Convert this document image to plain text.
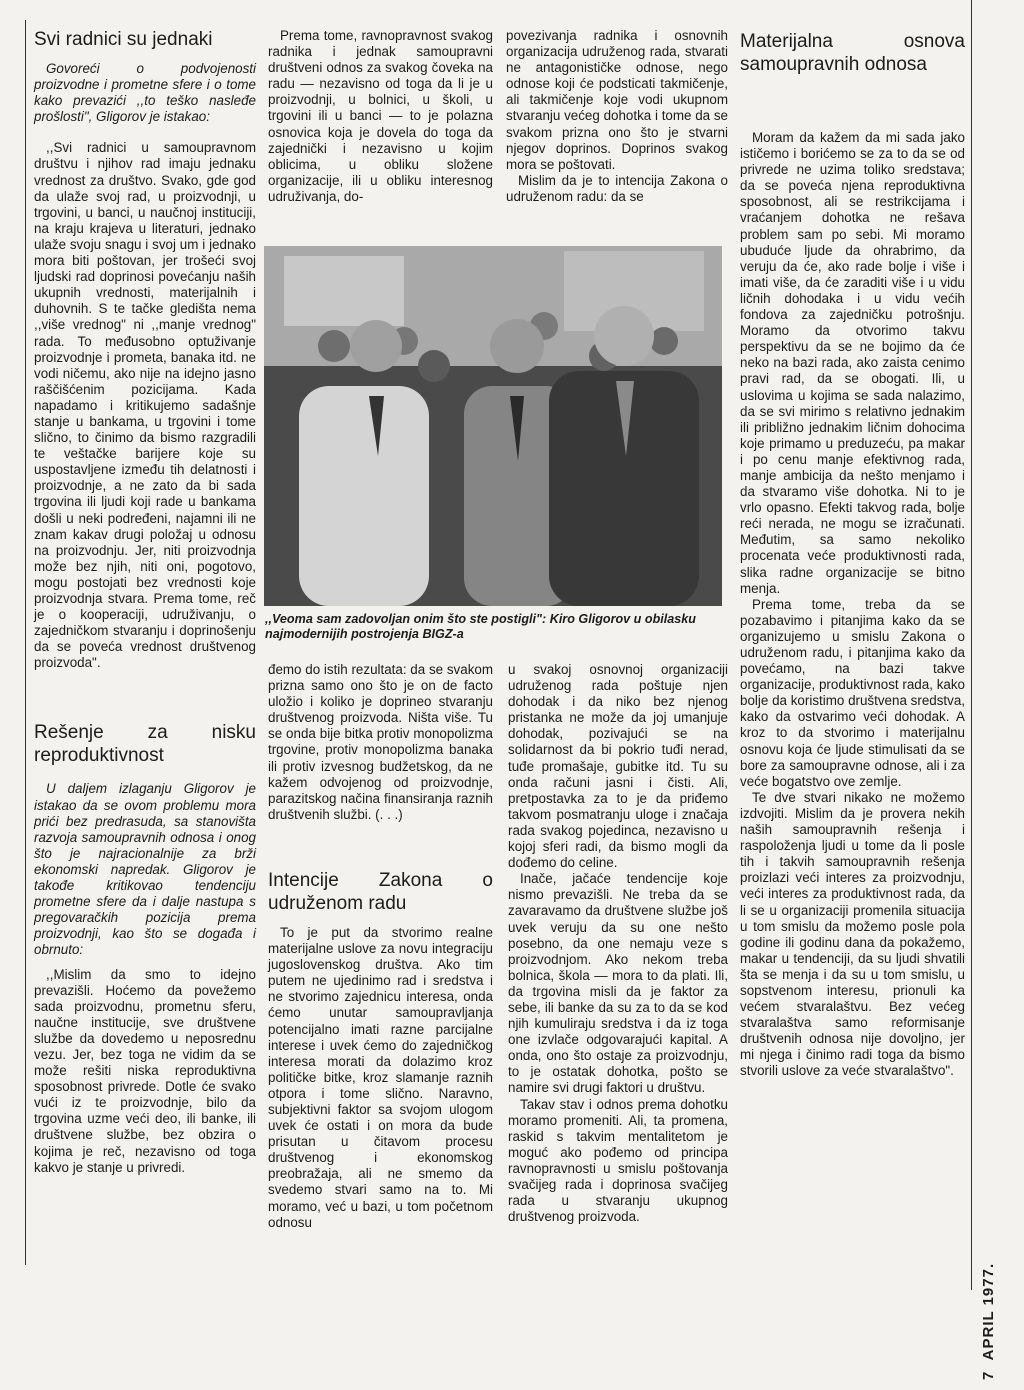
Svi radnici su jednaki

Govoreći o podvojenosti proizvodne i prometne sfere i o tome kako prevazići ,,to teško nasleđe prošlosti", Gligorov je istakao:

,,Svi radnici u samoupravnom društvu i njihov rad imaju jednaku vrednost za društvo. Svako, gde god da ulaže svoj rad, u proizvodnji, u trgovini, u banci, u naučnoj instituciji, na kraju krajeva u literaturi, jednako ulaže svoju snagu i svoj um i jednako mora biti poštovan, jer trošeći svoj ljudski rad doprinosi povećanju naših ukupnih vrednosti, materijalnih i duhovnih. S te tačke gledišta nema ,,više vrednog" ni ,,manje vrednog" rada. To međusobno optuživanje proizvodnje i prometa, banaka itd. ne vodi ničemu, ako nije na idejno jasno raščišćenim pozicijama. Kada napadamo i kritikujemo sadašnje stanje u bankama, u trgovini i tome slično, to činimo da bismo razgradili te veštačke barijere koje su uspostavljene između tih delatnosti i proizvodnje, a ne zato da bi sada trgovina ili ljudi koji rade u bankama došli u neki podređeni, najamni ili ne znam kakav drugi položaj u odnosu na proizvodnju. Jer, niti proizvodnja može bez njih, niti oni, pogotovo, mogu postojati bez vrednosti koje proizvodnja stvara. Prema tome, reč je o kooperaciji, udruživanju, o zajedničkom stvaranju i doprinošenju da se poveća vrednost društvenog proizvoda".

Rešenje za nisku reproduktivnost

U daljem izlaganju Gligorov je istakao da se ovom problemu mora prići bez predrasuda, sa stanovišta razvoja samoupravnih odnosa i onog što je najracionalnije za brži ekonomski napredak. Gligorov je takođe kritikovao tendenciju prometne sfere da i dalje nastupa s pregovaračkih pozicija prema proizvodnji, kao što se događa i obrnuto:

,,Mislim da smo to idejno prevazišli. Hoćemo da povežemo sada proizvodnu, prometnu sferu, naučne institucije, sve društvene službe da dovedemo u neposrednu vezu. Jer, bez toga ne vidim da se može rešiti niska reproduktivna sposobnost privrede. Dotle će svako vući iz te proizvodnje, bilo da trgovina uzme veći deo, ili banke, ili društvene službe, bez obzira o kojima je reč, nezavisno od toga kakvo je stanje u privredi.

Prema tome, ravnopravnost svakog radnika i jednak samoupravni društveni odnos za svakog čoveka na radu — nezavisno od toga da li je u proizvodnji, u bolnici, u školi, u trgovini ili u banci — to je polazna osnovica koja je dovela do toga da zajednički i nezavisno u kojim oblicima, u obliku složene organizacije, ili u obliku interesnog udruživanja, do-

povezivanja radnika i osnovnih organizacija udruženog rada, stvarati ne antagonističke odnose, nego odnose koji će podsticati takmičenje, ali takmičenje koje vodi ukupnom stvaranju većeg dohotka i tome da se svakom prizna ono što je stvarni njegov doprinos. Doprinos svakog mora se poštovati.

Mislim da je to intencija Zakona o udruženom radu: da se

,,Veoma sam zadovoljan onim što ste postigli": Kiro Gligorov u obilasku najmodernijih postrojenja BIGZ-a

đemo do istih rezultata: da se svakom prizna samo ono što je on de facto uložio i koliko je doprineo stvaranju društvenog proizvoda. Ništa više. Tu se onda bije bitka protiv monopolizma trgovine, protiv monopolizma banaka ili protiv izvesnog budžetskog, da ne kažem odvojenog od proizvodnje, parazitskog načina finansiranja raznih društvenih službi. (. . .)

Intencije Zakona o udruženom radu

To je put da stvorimo realne materijalne uslove za novu integraciju jugoslovenskog društva. Ako tim putem ne ujedinimo rad i sredstva i ne stvorimo zajednicu interesa, onda ćemo unutar samoupravljanja potencijalno imati razne parcijalne interese i uvek ćemo do zajedničkog interesa morati da dolazimo kroz političke bitke, kroz slamanje raznih otpora i tome slično. Naravno, subjektivni faktor sa svojom ulogom uvek će ostati i on mora da bude prisutan u čitavom procesu društvenog i ekonomskog preobražaja, ali ne smemo da svedemo stvari samo na to. Mi moramo, već u bazi, u tom početnom odnosu

u svakoj osnovnoj organizaciji udruženog rada poštuje njen dohodak i da niko bez njenog pristanka ne može da joj umanjuje dohodak, pozivajući se na solidarnost da bi pokrio tuđi nerad, tuđe promašaje, gubitke itd. Tu su onda računi jasni i čisti. Ali, pretpostavka za to je da priđemo takvom posmatranju uloge i značaja rada svakog pojedinca, nezavisno u kojoj sferi radi, da bismo mogli da dođemo do celine.

Inače, jačaće tendencije koje nismo prevazišli. Ne treba da se zavaravamo da društvene službe još uvek veruju da su one nešto posebno, da one nemaju veze s proizvodnjom. Ako nekom treba bolnica, škola — mora to da plati. Ili, da trgovina misli da je faktor za sebe, ili banke da su za to da se kod njih kumuliraju sredstva i da iz toga one izvlače odgovarajući kapital. A onda, ono što ostaje za proizvodnju, to je ostatak dohotka, pošto se namire svi drugi faktori u društvu.

Takav stav i odnos prema dohotku moramo promeniti. Ali, ta promena, raskid s takvim mentalitetom je moguć ako pođemo od principa ravnopravnosti u smislu poštovanja svačijeg rada i doprinosa svačijeg rada u stvaranju ukupnog društvenog proizvoda.

Materijalna osnova samoupravnih odnosa

Moram da kažem da mi sada jako ističemo i borićemo se za to da se od privrede ne uzima toliko sredstava; da se poveća njena reproduktivna sposobnost, ali se restrikcijama i vraćanjem dohotka ne rešava problem sam po sebi. Mi moramo ubuduće ljude da ohrabrimo, da veruju da će, ako rade bolje i više i imati više, da će zaraditi više i u vidu ličnih dohodaka i u vidu većih fondova za zajedničku potrošnju. Moramo da otvorimo takvu perspektivu da se ne bojimo da će neko na bazi rada, ako zaista cenimo pravi rad, da se obogati. Ili, u uslovima u kojima se sada nalazimo, da se svi mirimo s relativno jednakim ili približno jednakim ličnim dohocima koje primamo u preduzeću, pa makar i po cenu manje efektivnog rada, manje ambicija da nešto menjamo i da stvaramo više dohotka. Ni to je vrlo opasno. Efekti takvog rada, bolje reći nerada, ne mogu se izračunati. Međutim, sa samo nekoliko procenata veće produktivnosti rada, slika radne organizacije se bitno menja.

Prema tome, treba da se pozabavimo i pitanjima kako da se organizujemo u smislu Zakona o udruženom radu, i pitanjima kako da povećamo, na bazi takve organizacije, produktivnost rada, kako bolje da koristimo društvena sredstva, kako da ostvarimo veći dohodak. A kroz to da stvorimo i materijalnu osnovu koja će ljude stimulisati da se bore za samoupravne odnose, ali i za veće bogatstvo ove zemlje.

Te dve stvari nikako ne možemo izdvojiti. Mislim da je provera nekih naših samoupravnih rešenja i raspoloženja ljudi u tome da li posle tih i takvih samoupravnih rešenja proizlazi veći interes za proizvodnju, veći interes za produktivnost rada, da li se u organizaciji promenila situacija u tom smislu da možemo posle pola godine ili godinu dana da pokažemo, makar u tendenciji, da su ljudi shvatili šta se menja i da su u tom smislu, u sopstvenom interesu, prionuli ka većem stvaralaštvu. Bez većeg stvaralaštva samo reformisanje društvenih odnosa nije dovoljno, jer mi njega i činimo radi toga da bismo stvorili uslove za veće stvaralaštvo".

7  APRIL 1977.
